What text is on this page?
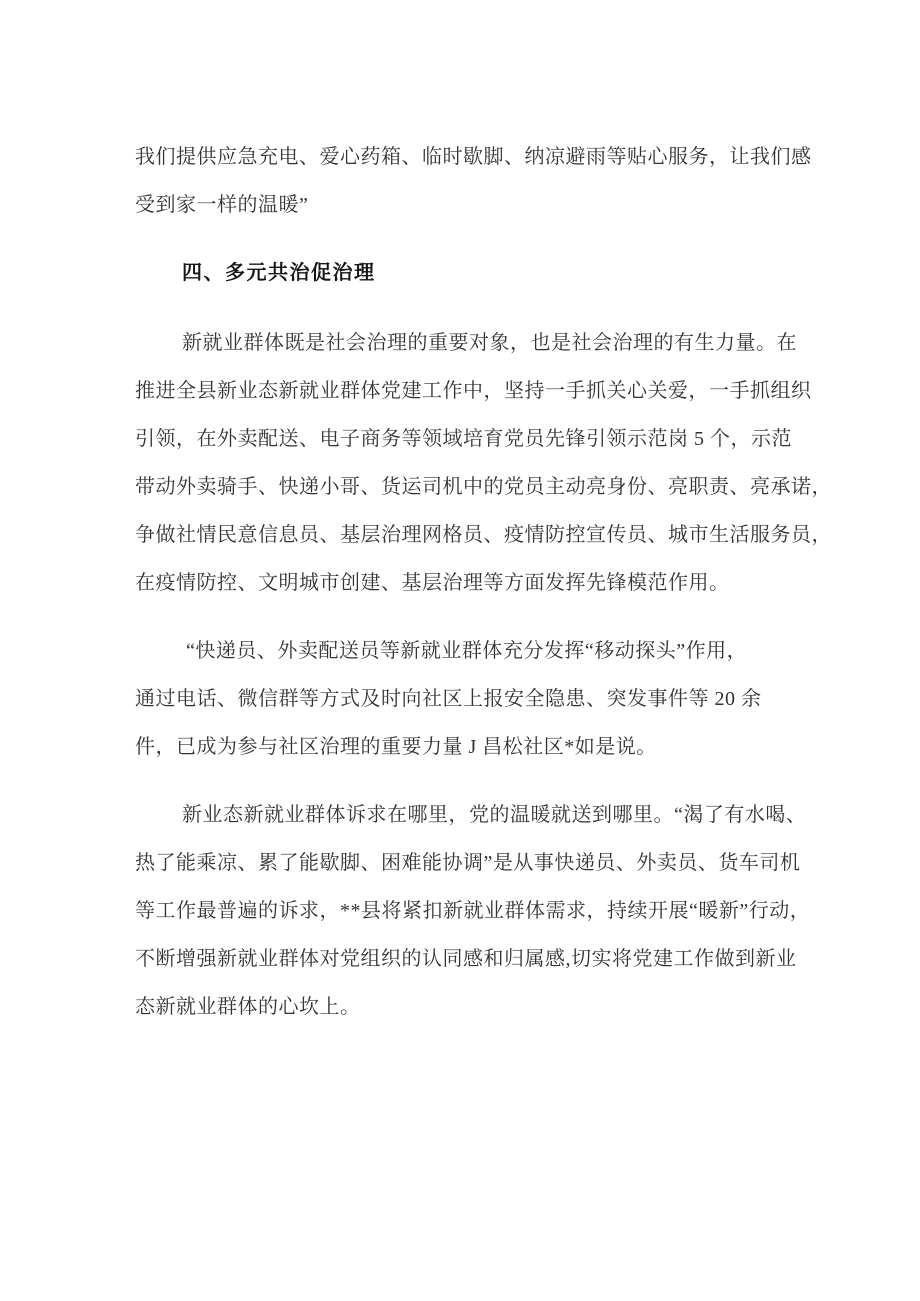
我们提供应急充电、爱心药箱、临时歇脚、纳凉避雨等贴心服务，让我们感
受到家一样的温暖”
四、多元共治促治理
新就业群体既是社会治理的重要对象，也是社会治理的有生力量。在
推进全县新业态新就业群体党建工作中，坚持一手抓关心关爱，一手抓组织
引领，在外卖配送、电子商务等领域培育党员先锋引领示范岗 5 个，示范
带动外卖骑手、快递小哥、货运司机中的党员主动亮身份、亮职责、亮承诺，
争做社情民意信息员、基层治理网格员、疫情防控宣传员、城市生活服务员，
在疫情防控、文明城市创建、基层治理等方面发挥先锋模范作用。
“快递员、外卖配送员等新就业群体充分发挥“移动探头”作用，
通过电话、微信群等方式及时向社区上报安全隐患、突发事件等 20 余
件，已成为参与社区治理的重要力量 J 昌松社区*如是说。
新业态新就业群体诉求在哪里，党的温暖就送到哪里。“渴了有水喝、
热了能乘凉、累了能歇脚、困难能协调”是从事快递员、外卖员、货车司机
等工作最普遍的诉求，**县将紧扣新就业群体需求，持续开展“暖新”行动，
不断增强新就业群体对党组织的认同感和归属感,切实将党建工作做到新业
态新就业群体的心坎上。
